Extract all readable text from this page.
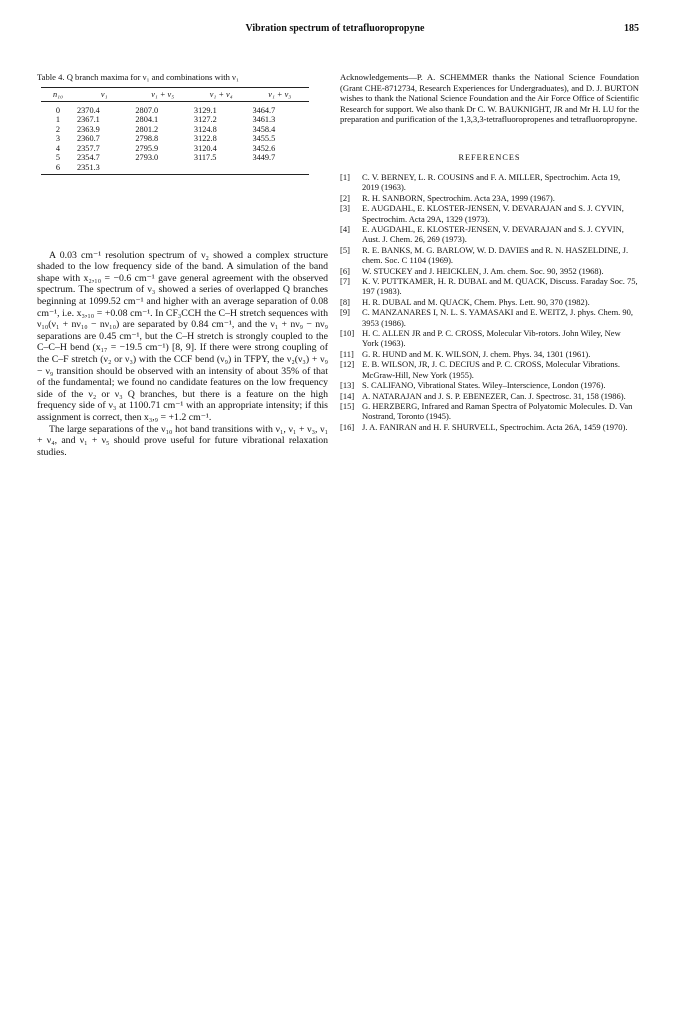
Vibration spectrum of tetrafluoropropyne	185

Table 4. Q branch maxima for ν₁ and combinations with ν₁

n₁₀	ν₁	ν₁ + ν₅	ν₁ + ν₄	ν₁ + ν₃

0	2370.4	2807.0	3129.1	3464.7
1	2367.1	2804.1	3127.2	3461.3
2	2363.9	2801.2	3124.8	3458.4
3	2360.7	2798.8	3122.8	3455.5
4	2357.7	2795.9	3120.4	3452.6
5	2354.7	2793.0	3117.5	3449.7
6	2351.3			

A 0.03 cm⁻¹ resolution spectrum of ν₂ showed a complex structure shaded to the low frequency side of the band. A simulation of the band shape with x₂,₁₀ = −0.6 cm⁻¹ gave general agreement with the observed spectrum. The spectrum of ν₃ showed a series of overlapped Q branches beginning at 1099.52 cm⁻¹ and higher with an average separation of 0.08 cm⁻¹, i.e. x₃,₁₀ = +0.08 cm⁻¹. In CF₃CCH the C–H stretch sequences with ν₁₀(ν₁ + nν₁₀ − nν₁₀) are separated by 0.84 cm⁻¹, and the ν₁ + nν₉ − nν₉ separations are 0.45 cm⁻¹, but the C–H stretch is strongly coupled to the C–C–H bend (x₁₇ = −19.5 cm⁻¹) [8, 9]. If there were strong coupling of the C–F stretch (ν₂ or ν₃) with the CCF bend (ν₉) in TFPY, the ν₂(ν₃) + ν₉ − ν₉ transition should be observed with an intensity of about 35% of that of the fundamental; we found no candidate features on the low frequency side of the ν₂ or ν₃ Q branches, but there is a feature on the high frequency side of ν₃ at 1100.71 cm⁻¹ with an appropriate intensity; if this assignment is correct, then x₃,₉ = +1.2 cm⁻¹.

The large separations of the ν₁₀ hot band transitions with ν₁, ν₁ + ν₃, ν₁ + ν₄, and ν₁ + ν₅ should prove useful for future vibrational relaxation studies.

Acknowledgements—P. A. SCHEMMER thanks the National Science Foundation (Grant CHE-8712734, Research Experiences for Undergraduates), and D. J. BURTON wishes to thank the National Science Foundation and the Air Force Office of Scientific Research for support. We also thank Dr C. W. BAUKNIGHT, JR and Mr H. LU for the preparation and purification of the 1,3,3,3-tetrafluoropropenes and tetrafluoropropyne.

REFERENCES
[1] C. V. BERNEY, L. R. COUSINS and F. A. MILLER, Spectrochim. Acta 19, 2019 (1963).
[2] R. H. SANBORN, Spectrochim. Acta 23A, 1999 (1967).
[3] E. AUGDAHL, E. KLOSTER-JENSEN, V. DEVARAJAN and S. J. CYVIN, Spectrochim. Acta 29A, 1329 (1973).
[4] E. AUGDAHL, E. KLOSTER-JENSEN, V. DEVARAJAN and S. J. CYVIN, Aust. J. Chem. 26, 269 (1973).
[5] R. E. BANKS, M. G. BARLOW, W. D. DAVIES and R. N. HASZELDINE, J. chem. Soc. C 1104 (1969).
[6] W. STUCKEY and J. HEICKLEN, J. Am. chem. Soc. 90, 3952 (1968).
[7] K. V. PUTTKAMER, H. R. DUBAL and M. QUACK, Discuss. Faraday Soc. 75, 197 (1983).
[8] H. R. DUBAL and M. QUACK, Chem. Phys. Lett. 90, 370 (1982).
[9] C. MANZANARES I, N. L. S. YAMASAKI and E. WEITZ, J. phys. Chem. 90, 3953 (1986).
[10] H. C. ALLEN JR and P. C. CROSS, Molecular Vib-rotors. John Wiley, New York (1963).
[11] G. R. HUND and M. K. WILSON, J. chem. Phys. 34, 1301 (1961).
[12] E. B. WILSON, JR, J. C. DECIUS and P. C. CROSS, Molecular Vibrations. McGraw-Hill, New York (1955).
[13] S. CALIFANO, Vibrational States. Wiley–Interscience, London (1976).
[14] A. NATARAJAN and J. S. P. EBENEZER, Can. J. Spectrosc. 31, 158 (1986).
[15] G. HERZBERG, Infrared and Raman Spectra of Polyatomic Molecules. D. Van Nostrand, Toronto (1945).
[16] J. A. FANIRAN and H. F. SHURVELL, Spectrochim. Acta 26A, 1459 (1970).
